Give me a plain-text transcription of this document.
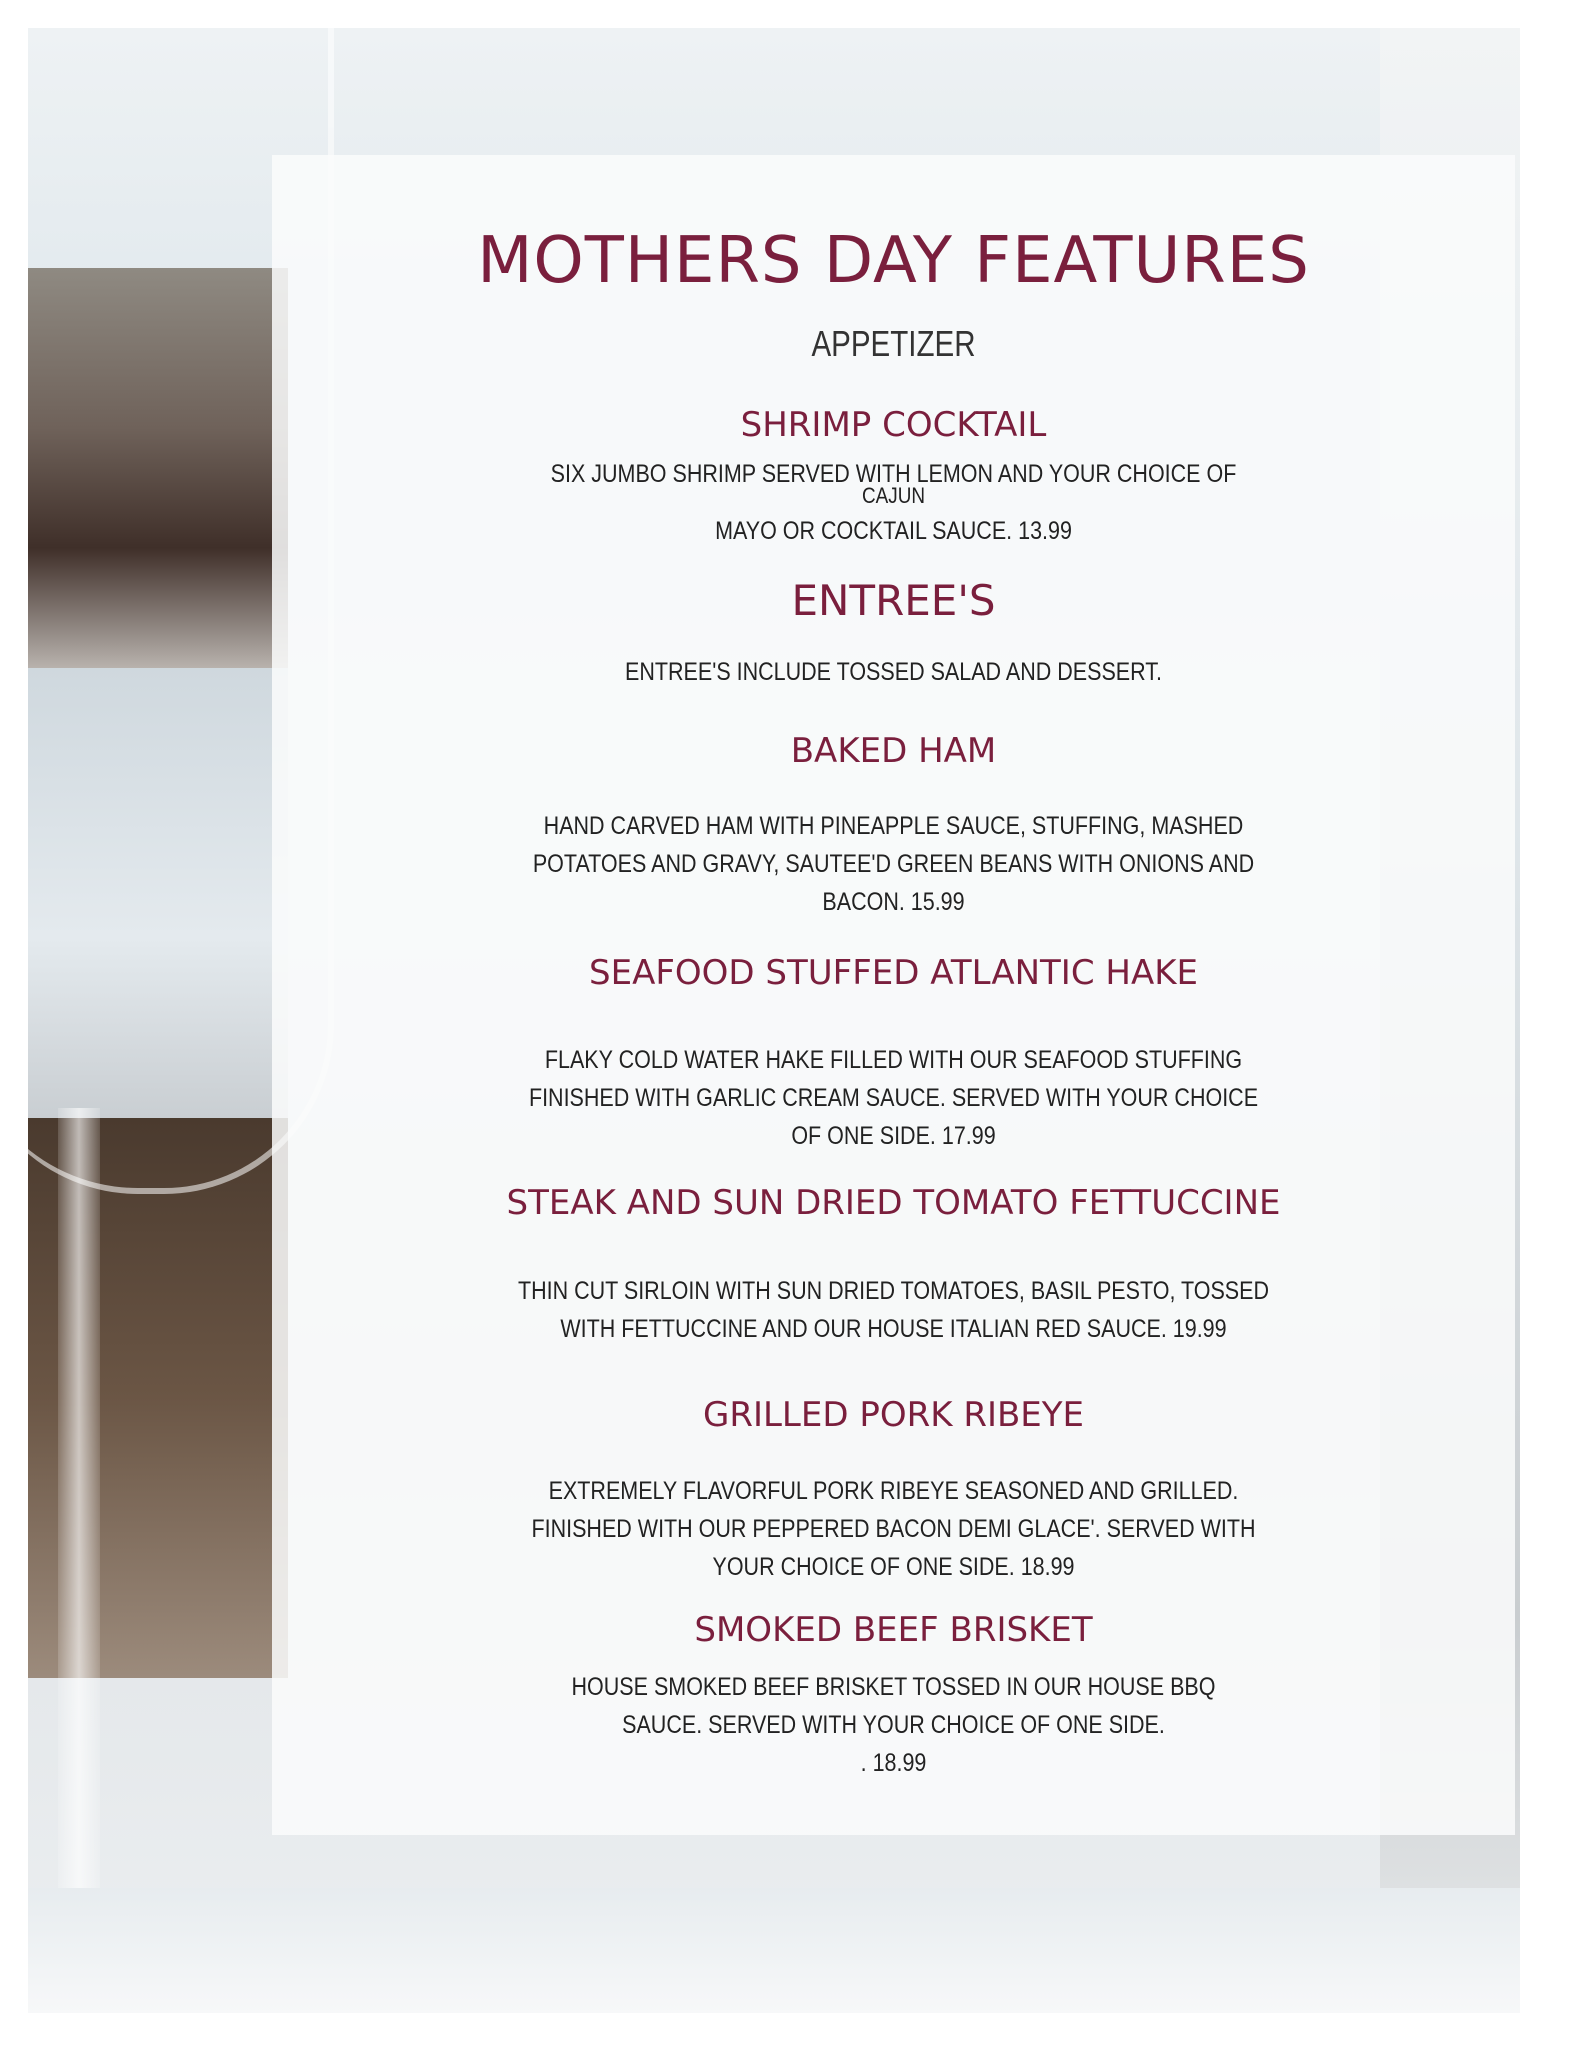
MOTHERS DAY FEATURES
APPETIZER
SHRIMP COCKTAIL
SIX JUMBO SHRIMP SERVED WITH LEMON AND YOUR CHOICE OF
CAJUN
MAYO OR COCKTAIL SAUCE. 13.99
ENTREE'S
ENTREE'S INCLUDE TOSSED SALAD AND DESSERT.
BAKED HAM
HAND CARVED HAM WITH PINEAPPLE SAUCE, STUFFING, MASHED
POTATOES AND GRAVY, SAUTEE'D GREEN BEANS WITH ONIONS AND
BACON. 15.99
SEAFOOD STUFFED ATLANTIC HAKE
FLAKY COLD WATER HAKE FILLED WITH OUR SEAFOOD STUFFING
FINISHED WITH GARLIC CREAM SAUCE. SERVED WITH YOUR CHOICE
OF ONE SIDE. 17.99
STEAK AND SUN DRIED TOMATO FETTUCCINE
THIN CUT SIRLOIN WITH SUN DRIED TOMATOES, BASIL PESTO, TOSSED
WITH FETTUCCINE AND OUR HOUSE ITALIAN RED SAUCE. 19.99
GRILLED PORK RIBEYE
EXTREMELY FLAVORFUL PORK RIBEYE SEASONED AND GRILLED.
FINISHED WITH OUR PEPPERED BACON DEMI GLACE'. SERVED WITH
YOUR CHOICE OF ONE SIDE. 18.99
SMOKED BEEF BRISKET
HOUSE SMOKED BEEF BRISKET TOSSED IN OUR HOUSE BBQ
SAUCE. SERVED WITH YOUR CHOICE OF ONE SIDE.
. 18.99
